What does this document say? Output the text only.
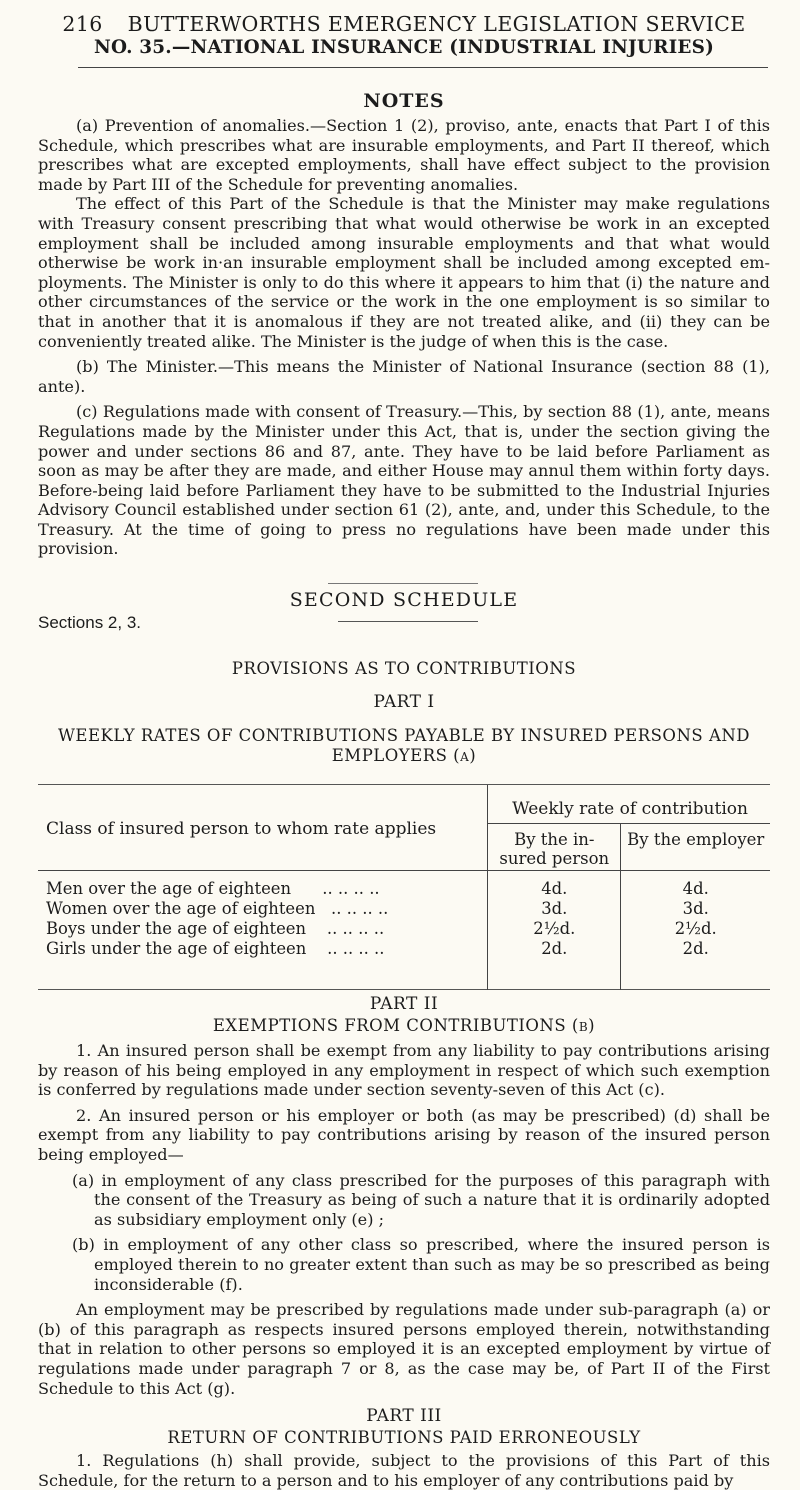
216 BUTTERWORTHS EMERGENCY LEGISLATION SERVICE
NO. 35.—NATIONAL INSURANCE (INDUSTRIAL INJURIES)
NOTES

(a) Prevention of anomalies.—Section 1 (2), proviso, ante, enacts that Part I of this Schedule, which prescribes what are insurable employments, and Part II thereof, which prescribes what are excepted employments, shall have effect subject to the provision made by Part III of the Schedule for preventing anomalies.

The effect of this Part of the Schedule is that the Minister may make regulations with Treasury consent prescribing that what would otherwise be work in an excepted employment shall be included among insurable employments and that what would otherwise be work in·an insurable employment shall be included among excepted employments. The Minister is only to do this where it appears to him that (i) the nature and other circumstances of the service or the work in the one employment is so similar to that in another that it is anomalous if they are not treated alike, and (ii) they can be conveniently treated alike. The Minister is the judge of when this is the case.

(b) The Minister.—This means the Minister of National Insurance (section 88 (1), ante).

(c) Regulations made with consent of Treasury.—This, by section 88 (1), ante, means Regulations made by the Minister under this Act, that is, under the section giving the power and under sections 86 and 87, ante. They have to be laid before Parliament as soon as may be after they are made, and either House may annul them within forty days. Before-being laid before Parliament they have to be submitted to the Industrial Injuries Advisory Council established under section 61 (2), ante, and, under this Schedule, to the Treasury. At the time of going to press no regulations have been made under this provision.

SECOND SCHEDULE
Sections 2, 3.
PROVISIONS AS TO CONTRIBUTIONS
PART I
WEEKLY RATES OF CONTRIBUTIONS PAYABLE BY INSURED PERSONS AND EMPLOYERS (a)
Class of insured person to whom rate applies	Weekly rate of contribution	
	By the in- sured person	By the employer
Men over the age of eighteen .. .. .. ..	4d.	4d.
Women over the age of eighteen .. .. .. ..	3d.	3d.
Boys under the age of eighteen .. .. .. ..	2½d.	2½d.
Girls under the age of eighteen .. .. .. ..	2d.	2d.

PART II
EXEMPTIONS FROM CONTRIBUTIONS (b)

1. An insured person shall be exempt from any liability to pay contributions arising by reason of his being employed in any employment in respect of which such exemption is conferred by regulations made under section seventy-seven of this Act (c).

2. An insured person or his employer or both (as may be prescribed) (d) shall be exempt from any liability to pay contributions arising by reason of the insured person being employed—

(a) in employment of any class prescribed for the purposes of this paragraph with the consent of the Treasury as being of such a nature that it is ordinarily adopted as subsidiary employment only (e) ;

(b) in employment of any other class so prescribed, where the insured person is employed therein to no greater extent than such as may be so prescribed as being inconsiderable (f).

An employment may be prescribed by regulations made under sub-paragraph (a) or (b) of this paragraph as respects insured persons employed therein, notwithstanding that in relation to other persons so employed it is an excepted employment by virtue of regulations made under paragraph 7 or 8, as the case may be, of Part II of the First Schedule to this Act (g).

PART III
RETURN OF CONTRIBUTIONS PAID ERRONEOUSLY

1. Regulations (h) shall provide, subject to the provisions of this Part of this Schedule, for the return to a person and to his employer of any contributions paid by
